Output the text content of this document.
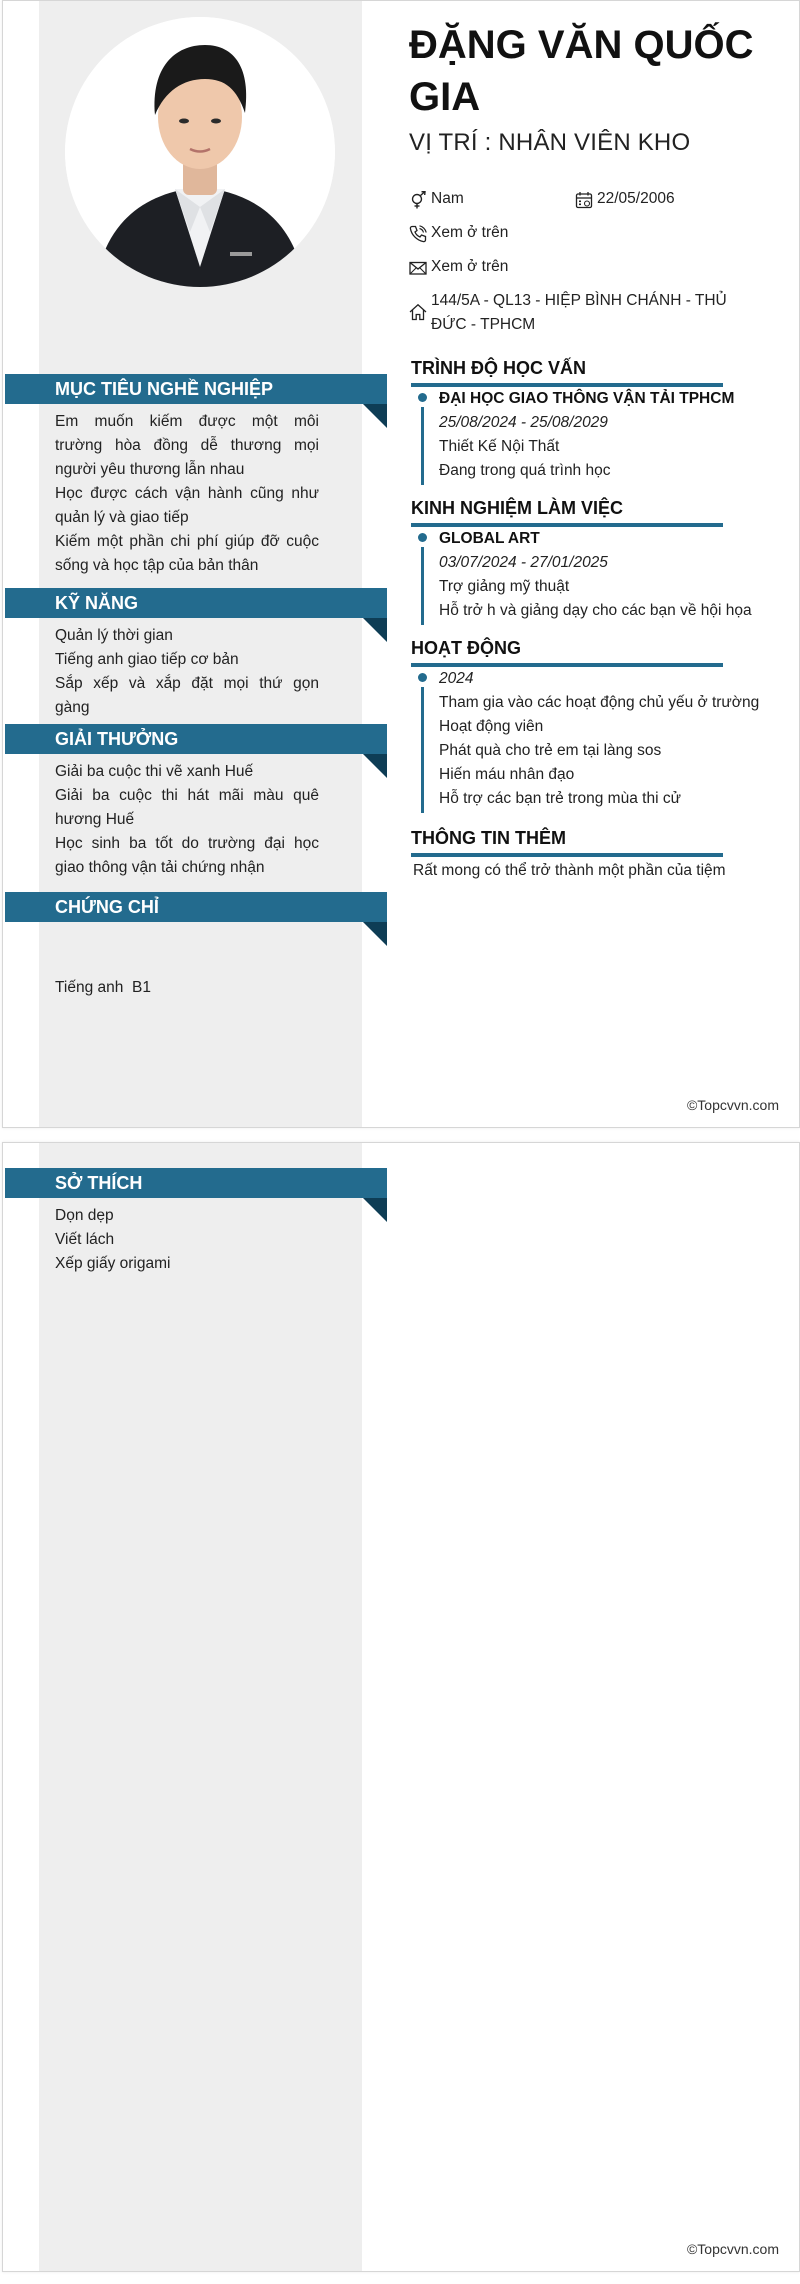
ĐẶNG VĂN QUỐC GIA
VỊ TRÍ : NHÂN VIÊN KHO
Nam	22/05/2006
Xem ở trên
Xem ở trên
144/5A - QL13 - HIỆP BÌNH CHÁNH - THỦ
ĐỨC - TPHCM
MỤC TIÊU NGHỀ NGHIỆP
Em muốn kiếm được một môi
trường hòa đồng dễ thương mọi
người yêu thương lẫn nhau
Học được cách vận hành cũng như
quản lý và giao tiếp
Kiếm một phần chi phí giúp đỡ cuộc
sống và học tập của bản thân
KỸ NĂNG
Quản lý thời gian
Tiếng anh giao tiếp cơ bản
Sắp xếp và xắp đặt mọi thứ gọn
gàng
GIẢI THƯỞNG
Giải ba cuộc thi vẽ xanh Huế
Giải ba cuộc thi hát mãi màu quê
hương Huế
Học sinh ba tốt do trường đại học
giao thông vận tải chứng nhận
CHỨNG CHỈ

Tiếng anh  B1

TRÌNH ĐỘ HỌC VẤN
ĐẠI HỌC GIAO THÔNG VẬN TẢI TPHCM
25/08/2024 - 25/08/2029
Thiết Kế Nội Thất
Đang trong quá trình học
KINH NGHIỆM LÀM VIỆC
GLOBAL ART
03/07/2024 - 27/01/2025
Trợ giảng mỹ thuật
Hỗ trở h và giảng dạy cho các bạn về hội họa
HOẠT ĐỘNG
2024
Tham gia vào các hoạt động chủ yếu ở trường
Hoạt động viên
Phát quà cho trẻ em tại làng sos
Hiến máu nhân đạo
Hỗ trợ các bạn trẻ trong mùa thi cử
THÔNG TIN THÊM
Rất mong có thể trở thành một phần của tiệm
©Topcvvn.com
SỞ THÍCH
Dọn dẹp
Viết lách
Xếp giấy origami
©Topcvvn.com
